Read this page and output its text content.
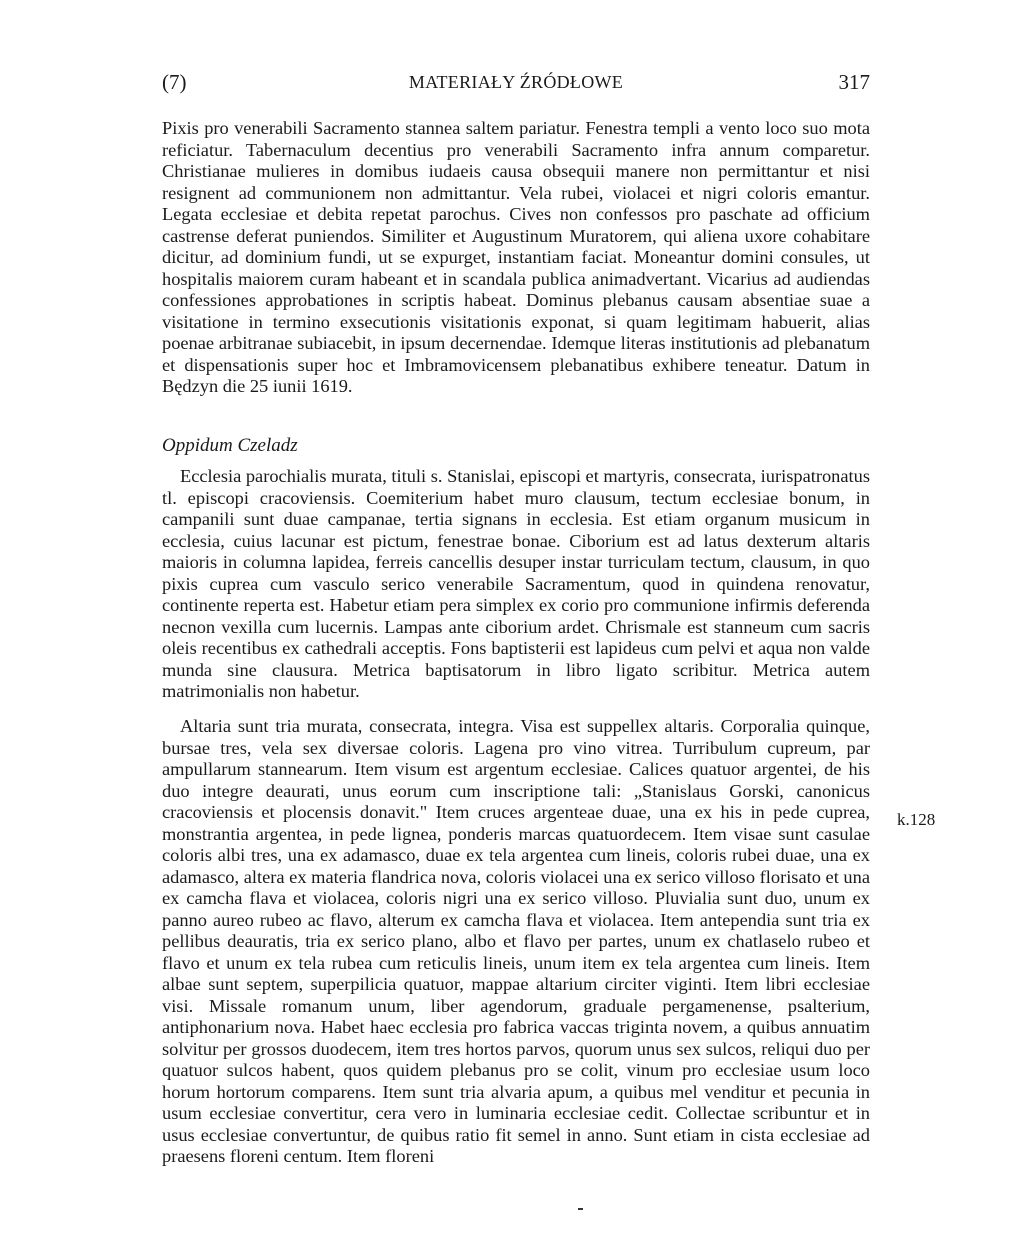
(7)	MATERIAŁY ŹRÓDŁOWE	317

Pixis pro venerabili Sacramento stannea saltem pariatur. Fenestra templi a vento loco suo mota reficiatur. Tabernaculum decentius pro venerabili Sacramento infra annum comparetur. Christianae mulieres in domibus iudaeis causa obsequii manere non permittantur et nisi resignent ad communionem non admittantur. Vela rubei, violacei et nigri coloris emantur. Legata ecclesiae et debita repetat parochus. Cives non confessos pro paschate ad officium castrense deferat puniendos. Similiter et Augustinum Muratorem, qui aliena uxore cohabitare dicitur, ad dominium fundi, ut se expurget, instantiam faciat. Moneantur domini consules, ut hospitalis maiorem curam habeant et in scandala publica animadvertant. Vicarius ad audiendas confessiones approbationes in scriptis habeat. Dominus plebanus causam absentiae suae a visitatione in termino exsecutionis visitationis exponat, si quam legitimam habuerit, alias poenae arbitranae subiacebit, in ipsum decernendae. Idemque literas institutionis ad plebanatum et dispensationis super hoc et Imbramovicensem plebanatibus exhibere teneatur. Datum in Będzyn die 25 iunii 1619.

Oppidum Czeladz

Ecclesia parochialis murata, tituli s. Stanislai, episcopi et martyris, consecrata, iurispatronatus tl. episcopi cracoviensis. Coemiterium habet muro clausum, tectum ecclesiae bonum, in campanili sunt duae campanae, tertia signans in ecclesia. Est etiam organum musicum in ecclesia, cuius lacunar est pictum, fenestrae bonae. Ciborium est ad latus dexterum altaris maioris in columna lapidea, ferreis cancellis desuper instar turriculam tectum, clausum, in quo pixis cuprea cum vasculo serico venerabile Sacramentum, quod in quindena renovatur, continente reperta est. Habetur etiam pera simplex ex corio pro communione infirmis deferenda necnon vexilla cum lucernis. Lampas ante ciborium ardet. Chrismale est stanneum cum sacris oleis recentibus ex cathedrali acceptis. Fons baptisterii est lapideus cum pelvi et aqua non valde munda sine clausura. Metrica baptisatorum in libro ligato scribitur. Metrica autem matrimonialis non habetur.

Altaria sunt tria murata, consecrata, integra. Visa est suppellex altaris. Corporalia quinque, bursae tres, vela sex diversae coloris. Lagena pro vino vitrea. Turribulum cupreum, par ampullarum stannearum. Item visum est argentum ecclesiae. Calices quatuor argentei, de his duo integre deaurati, unus eorum cum inscriptione tali: „Stanislaus Gorski, canonicus cracoviensis et plocensis donavit." Item cruces argenteae duae, una ex his in pede cuprea, monstrantia argentea, in pede lignea, ponderis marcas quatuordecem. Item visae sunt casulae coloris albi tres, una ex adamasco, duae ex tela argentea cum lineis, coloris rubei duae, una ex adamasco, altera ex materia flandrica nova, coloris violacei una ex serico villoso florisato et una ex camcha flava et violacea, coloris nigri una ex serico villoso. Pluvialia sunt duo, unum ex panno aureo rubeo ac flavo, alterum ex camcha flava et violacea. Item antependia sunt tria ex pellibus deauratis, tria ex serico plano, albo et flavo per partes, unum ex chatlaselo rubeo et flavo et unum ex tela rubea cum reticulis lineis, unum item ex tela argentea cum lineis. Item albae sunt septem, superpilicia quatuor, mappae altarium circiter viginti. Item libri ecclesiae visi. Missale romanum unum, liber agendorum, graduale pergamenense, psalterium, antiphonarium nova. Habet haec ecclesia pro fabrica vaccas triginta novem, a quibus annuatim solvitur per grossos duodecem, item tres hortos parvos, quorum unus sex sulcos, reliqui duo per quatuor sulcos habent, quos quidem plebanus pro se colit, vinum pro ecclesiae usum loco horum hortorum comparens. Item sunt tria alvaria apum, a quibus mel venditur et pecunia in usum ecclesiae convertitur, cera vero in luminaria ecclesiae cedit. Collectae scribuntur et in usus ecclesiae convertuntur, de quibus ratio fit semel in anno. Sunt etiam in cista ecclesiae ad praesens floreni centum. Item floreni

k.128
